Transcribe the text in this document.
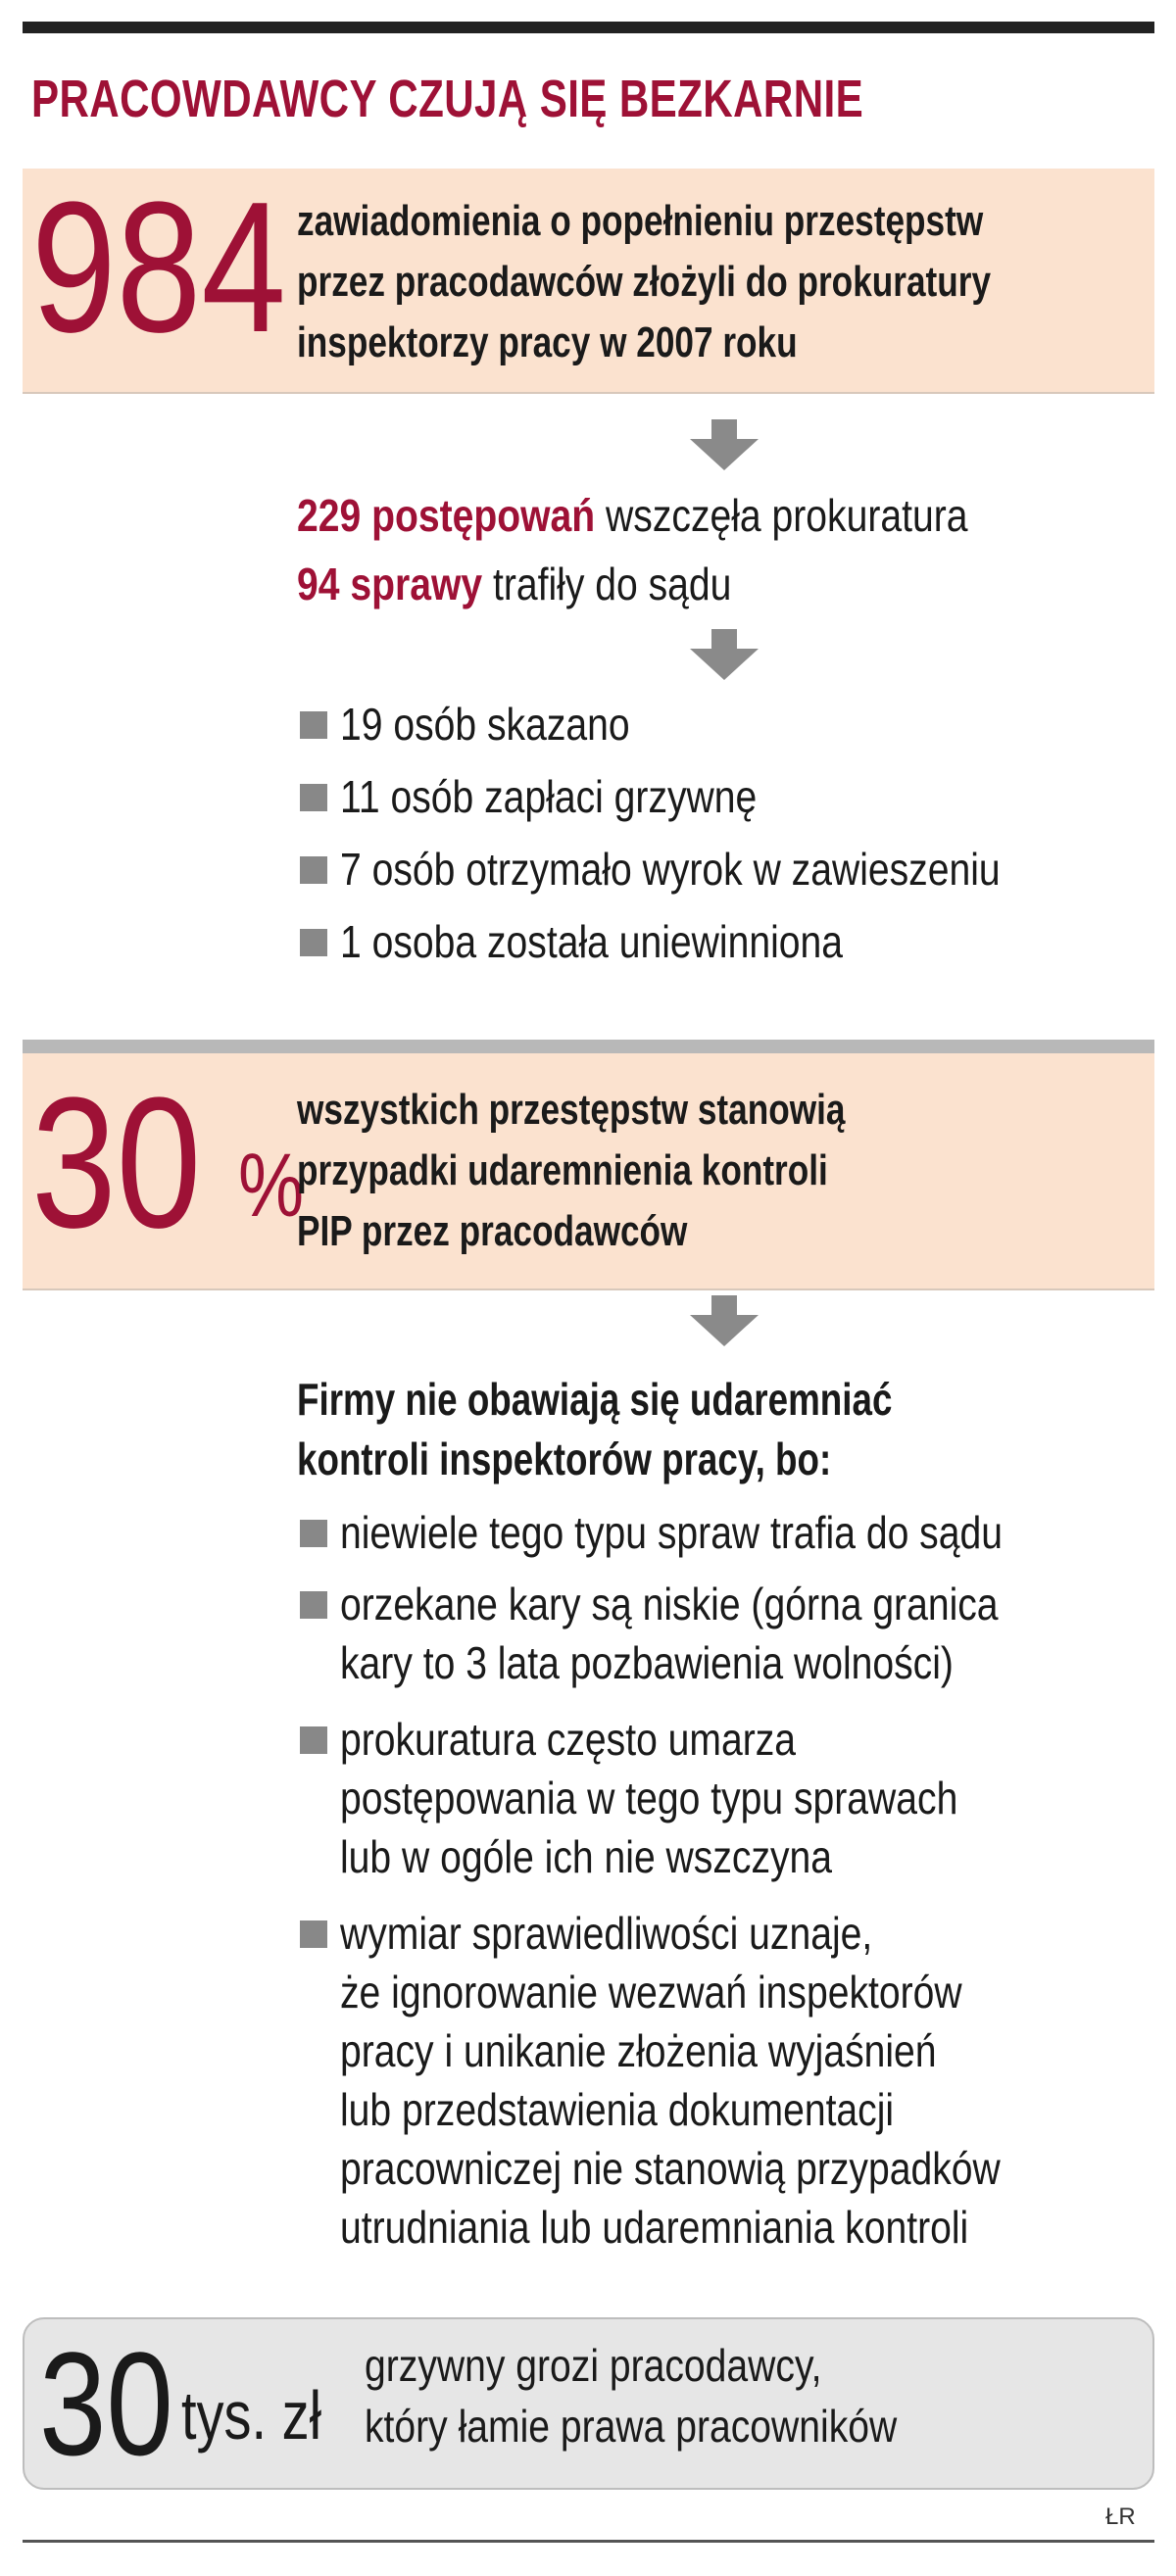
PRACOWDAWCY CZUJĄ SIĘ BEZKARNIE
984 zawiadomienia o popełnieniu przestępstw
przez pracodawców złożyli do prokuratury
inspektorzy pracy w 2007 roku
229 postępowań wszczęła prokuratura
94 sprawy trafiły do sądu
19 osób skazano
11 osób zapłaci grzywnę
7 osób otrzymało wyrok w zawieszeniu
1 osoba została uniewinniona
30 %
wszystkich przestępstw stanowią
przypadki udaremnienia kontroli
PIP przez pracodawców
Firmy nie obawiają się udaremniać
kontroli inspektorów pracy, bo:
niewiele tego typu spraw trafia do sądu
orzekane kary są niskie (górna granica
kary to 3 lata pozbawienia wolności)
prokuratura często umarza
postępowania w tego typu sprawach
lub w ogóle ich nie wszczyna
wymiar sprawiedliwości uznaje,
że ignorowanie wezwań inspektorów
pracy i unikanie złożenia wyjaśnień
lub przedstawienia dokumentacji
pracowniczej nie stanowią przypadków
utrudniania lub udaremniania kontroli
30 tys. zł
grzywny grozi pracodawcy,
który łamie prawa pracowników
ŁR
